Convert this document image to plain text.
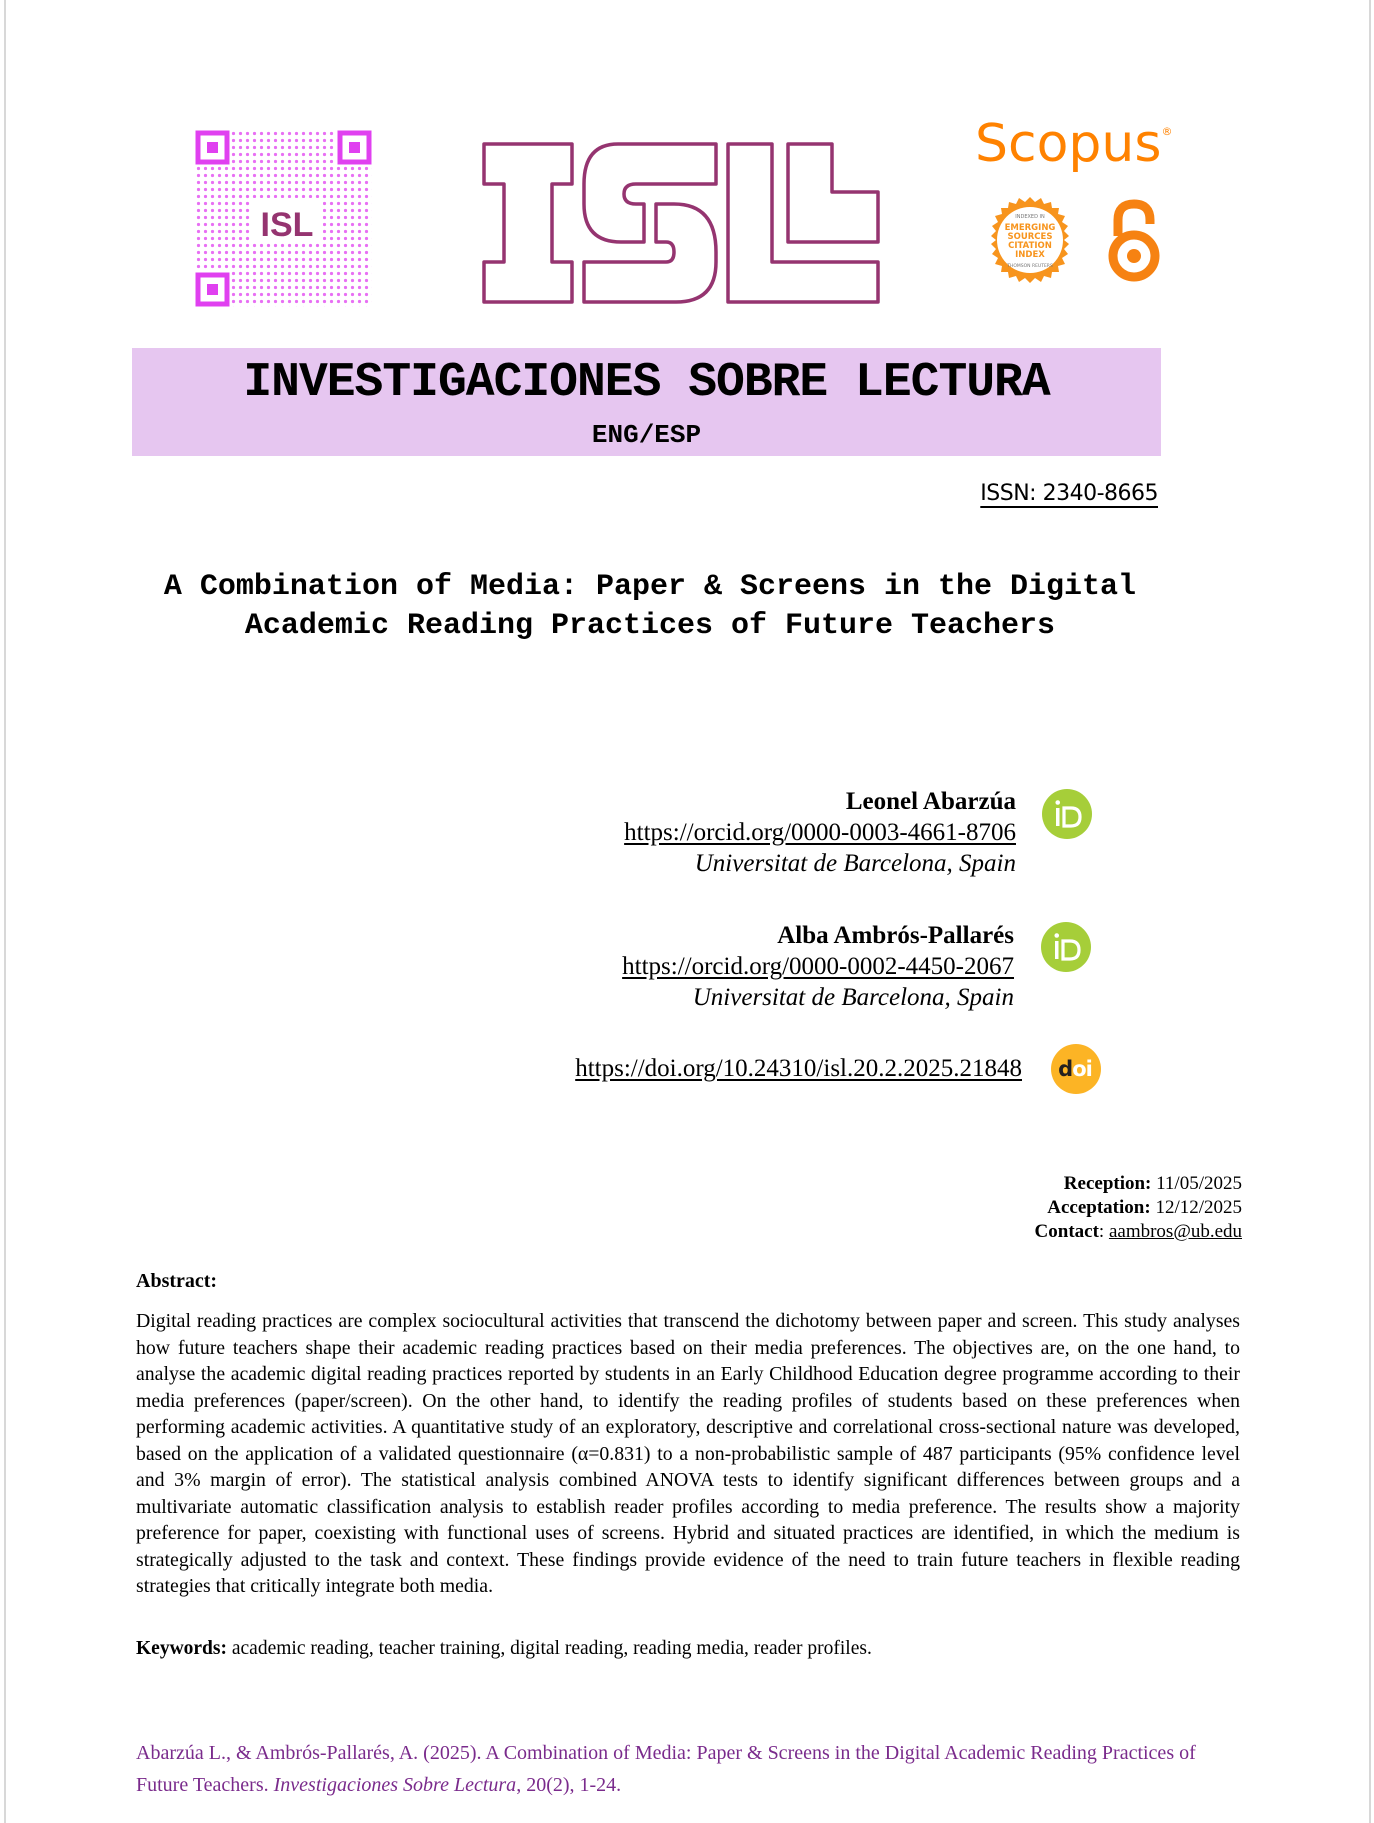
ISL
Scopus®
INDEXED IN
EMERGING
SOURCES
CITATION
INDEX
THOMSON REUTERS
INVESTIGACIONES SOBRE LECTURA
ENG/ESP
ISSN: 2340-8665
A Combination of Media: Paper & Screens in the Digital Academic Reading Practices of Future Teachers
Leonel Abarzúa
https://orcid.org/0000-0003-4661-8706
Universitat de Barcelona, Spain
Alba Ambrós-Pallarés
https://orcid.org/0000-0002-4450-2067
Universitat de Barcelona, Spain
https://doi.org/10.24310/isl.20.2.2025.21848 doi
Reception: 11/05/2025
Acceptation: 12/12/2025
Contact: aambros@ub.edu
Abstract:
Digital reading practices are complex sociocultural activities that transcend the dichotomy between paper and screen. This study analyses how future teachers shape their academic reading practices based on their media preferences. The objectives are, on the one hand, to analyse the academic digital reading practices reported by students in an Early Childhood Education degree programme according to their media preferences (paper/screen). On the other hand, to identify the reading profiles of students based on these preferences when performing academic activities. A quantitative study of an exploratory, descriptive and correlational cross-sectional nature was developed, based on the application of a validated questionnaire (α=0.831) to a non-probabilistic sample of 487 participants (95% confidence level and 3% margin of error). The statistical analysis combined ANOVA tests to identify significant differences between groups and a multivariate automatic classification analysis to establish reader profiles according to media preference. The results show a majority preference for paper, coexisting with functional uses of screens. Hybrid and situated practices are identified, in which the medium is strategically adjusted to the task and context. These findings provide evidence of the need to train future teachers in flexible reading strategies that critically integrate both media.
Keywords: academic reading, teacher training, digital reading, reading media, reader profiles.
Abarzúa L., & Ambrós-Pallarés, A. (2025). A Combination of Media: Paper & Screens in the Digital Academic Reading Practices of Future Teachers. Investigaciones Sobre Lectura, 20(2), 1-24.
